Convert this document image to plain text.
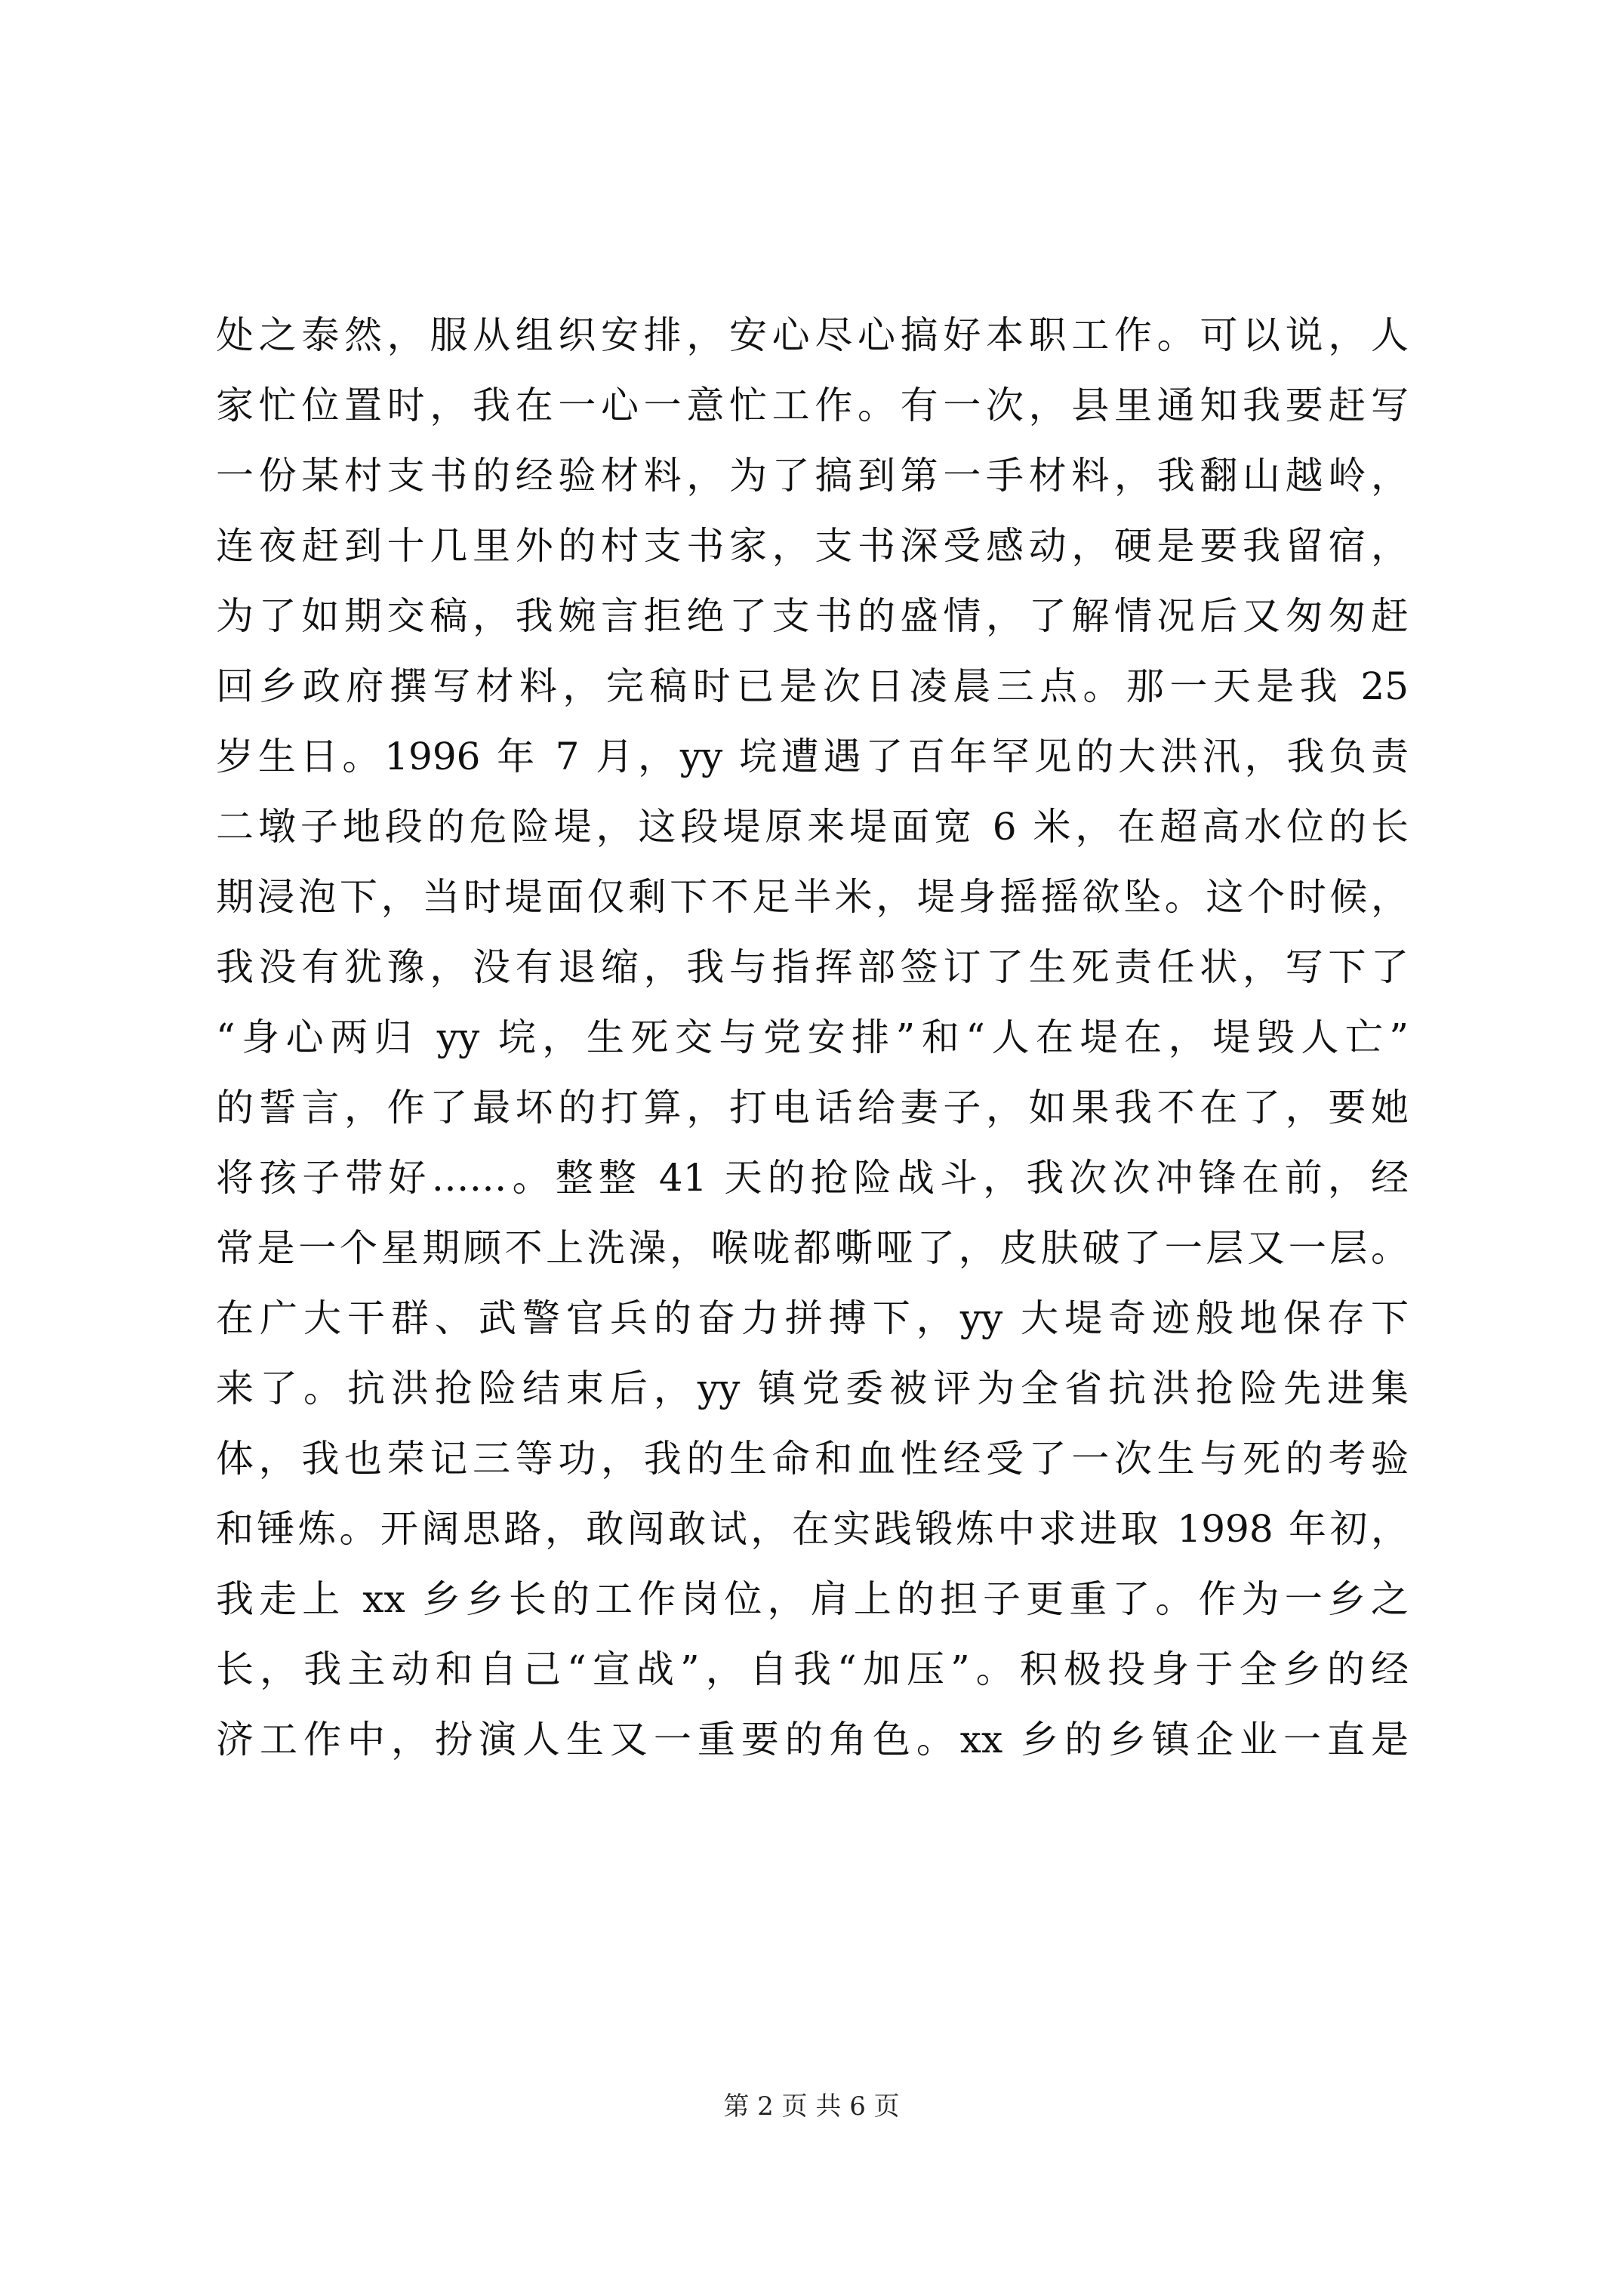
处之泰然，服从组织安排，安心尽心搞好本职工作。可以说，人
家忙位置时，我在一心一意忙工作。有一次，县里通知我要赶写
一份某村支书的经验材料，为了搞到第一手材料，我翻山越岭，
连夜赶到十几里外的村支书家，支书深受感动，硬是要我留宿，
为了如期交稿，我婉言拒绝了支书的盛情，了解情况后又匆匆赶
回乡政府撰写材料，完稿时已是次日凌晨三点。那一天是我 25
岁生日。1996 年 7 月，yy 垸遭遇了百年罕见的大洪汛，我负责
二墩子地段的危险堤，这段堤原来堤面宽 6 米，在超高水位的长
期浸泡下，当时堤面仅剩下不足半米，堤身摇摇欲坠。这个时候，
我没有犹豫，没有退缩，我与指挥部签订了生死责任状，写下了
“身心两归 yy 垸，生死交与党安排”和“人在堤在，堤毁人亡”
的誓言，作了最坏的打算，打电话给妻子，如果我不在了，要她
将孩子带好……。整整 41 天的抢险战斗，我次次冲锋在前，经
常是一个星期顾不上洗澡，喉咙都嘶哑了，皮肤破了一层又一层。
在广大干群、武警官兵的奋力拼搏下，yy 大堤奇迹般地保存下
来了。抗洪抢险结束后，yy 镇党委被评为全省抗洪抢险先进集
体，我也荣记三等功，我的生命和血性经受了一次生与死的考验
和锤炼。开阔思路，敢闯敢试，在实践锻炼中求进取 1998 年初，
我走上 xx 乡乡长的工作岗位，肩上的担子更重了。作为一乡之
长，我主动和自己“宣战”，自我“加压”。积极投身于全乡的经
济工作中，扮演人生又一重要的角色。xx 乡的乡镇企业一直是
第 2 页 共 6 页
